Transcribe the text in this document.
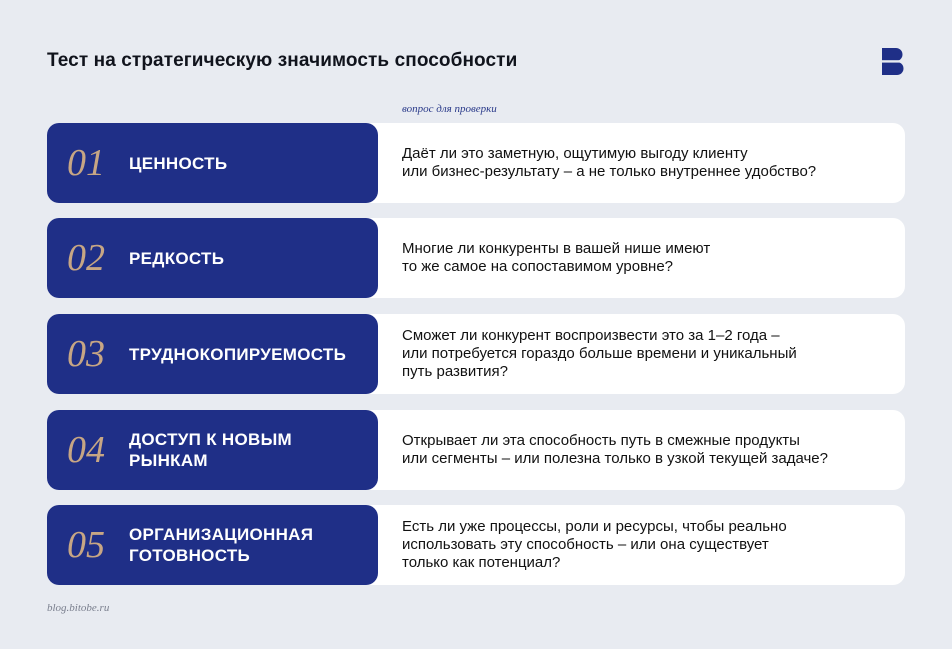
Тест на стратегическую значимость способности
вопрос для проверки
01 ЦЕННОСТЬ	Даёт ли это заметную, ощутимую выгоду клиенту
или бизнес-результату – а не только внутреннее удобство?
02 РЕДКОСТЬ	Многие ли конкуренты в вашей нише имеют
то же самое на сопоставимом уровне?
03 ТРУДНОКОПИРУЕМОСТЬ
Сможет ли конкурент воспроизвести это за 1–2 года –
или потребуется гораздо больше времени и уникальный
путь развития?
04 ДОСТУП К НОВЫМ
РЫНКАМ
Открывает ли эта способность путь в смежные продукты
или сегменты – или полезна только в узкой текущей задаче?
05 ОРГАНИЗАЦИОННАЯ
ГОТОВНОСТЬ
Есть ли уже процессы, роли и ресурсы, чтобы реально
использовать эту способность – или она существует
только как потенциал?
blog.bitobe.ru
